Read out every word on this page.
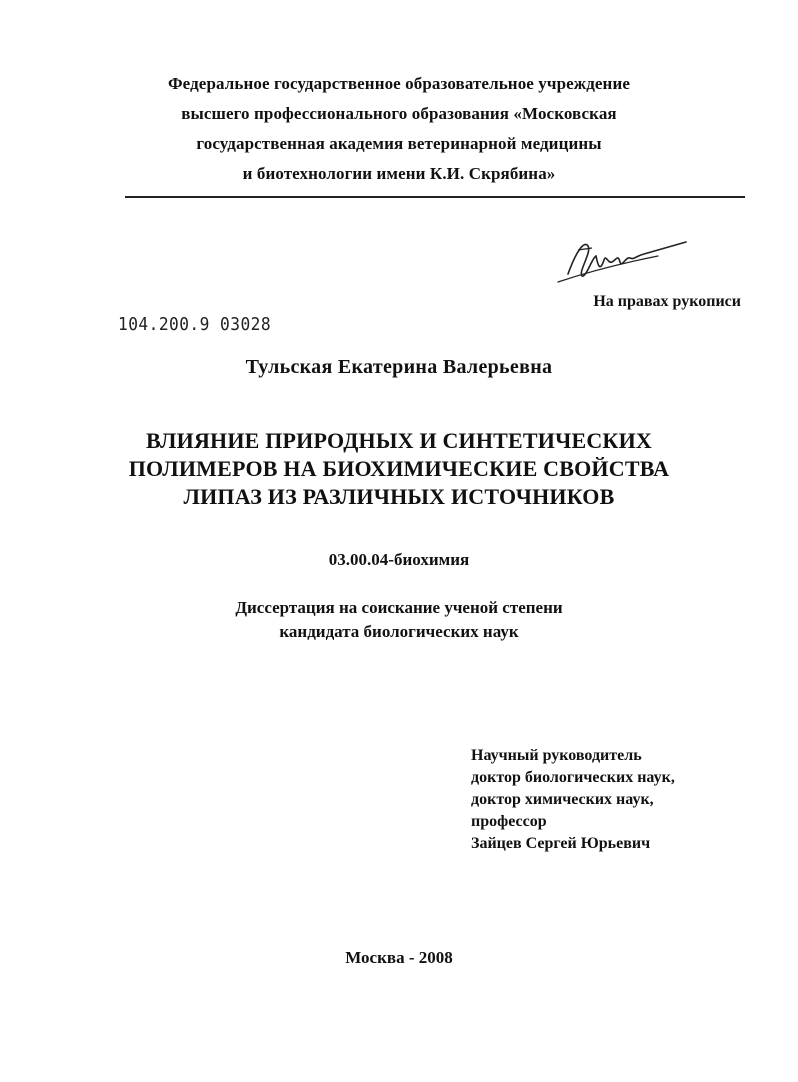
Федеральное государственное образовательное учреждение
высшего профессионального образования «Московская
государственная академия ветеринарной медицины
и биотехнологии имени К.И. Скрябина»
На правах рукописи
104.200.9 03028
Тульская Екатерина Валерьевна
ВЛИЯНИЕ ПРИРОДНЫХ И СИНТЕТИЧЕСКИХ
ПОЛИМЕРОВ НА БИОХИМИЧЕСКИЕ СВОЙСТВА
ЛИПАЗ ИЗ РАЗЛИЧНЫХ ИСТОЧНИКОВ
03.00.04-биохимия
Диссертация на соискание ученой степени
кандидата биологических наук
Научный руководитель
доктор биологических наук,
доктор химических наук,
профессор
Зайцев Сергей Юрьевич
Москва - 2008
